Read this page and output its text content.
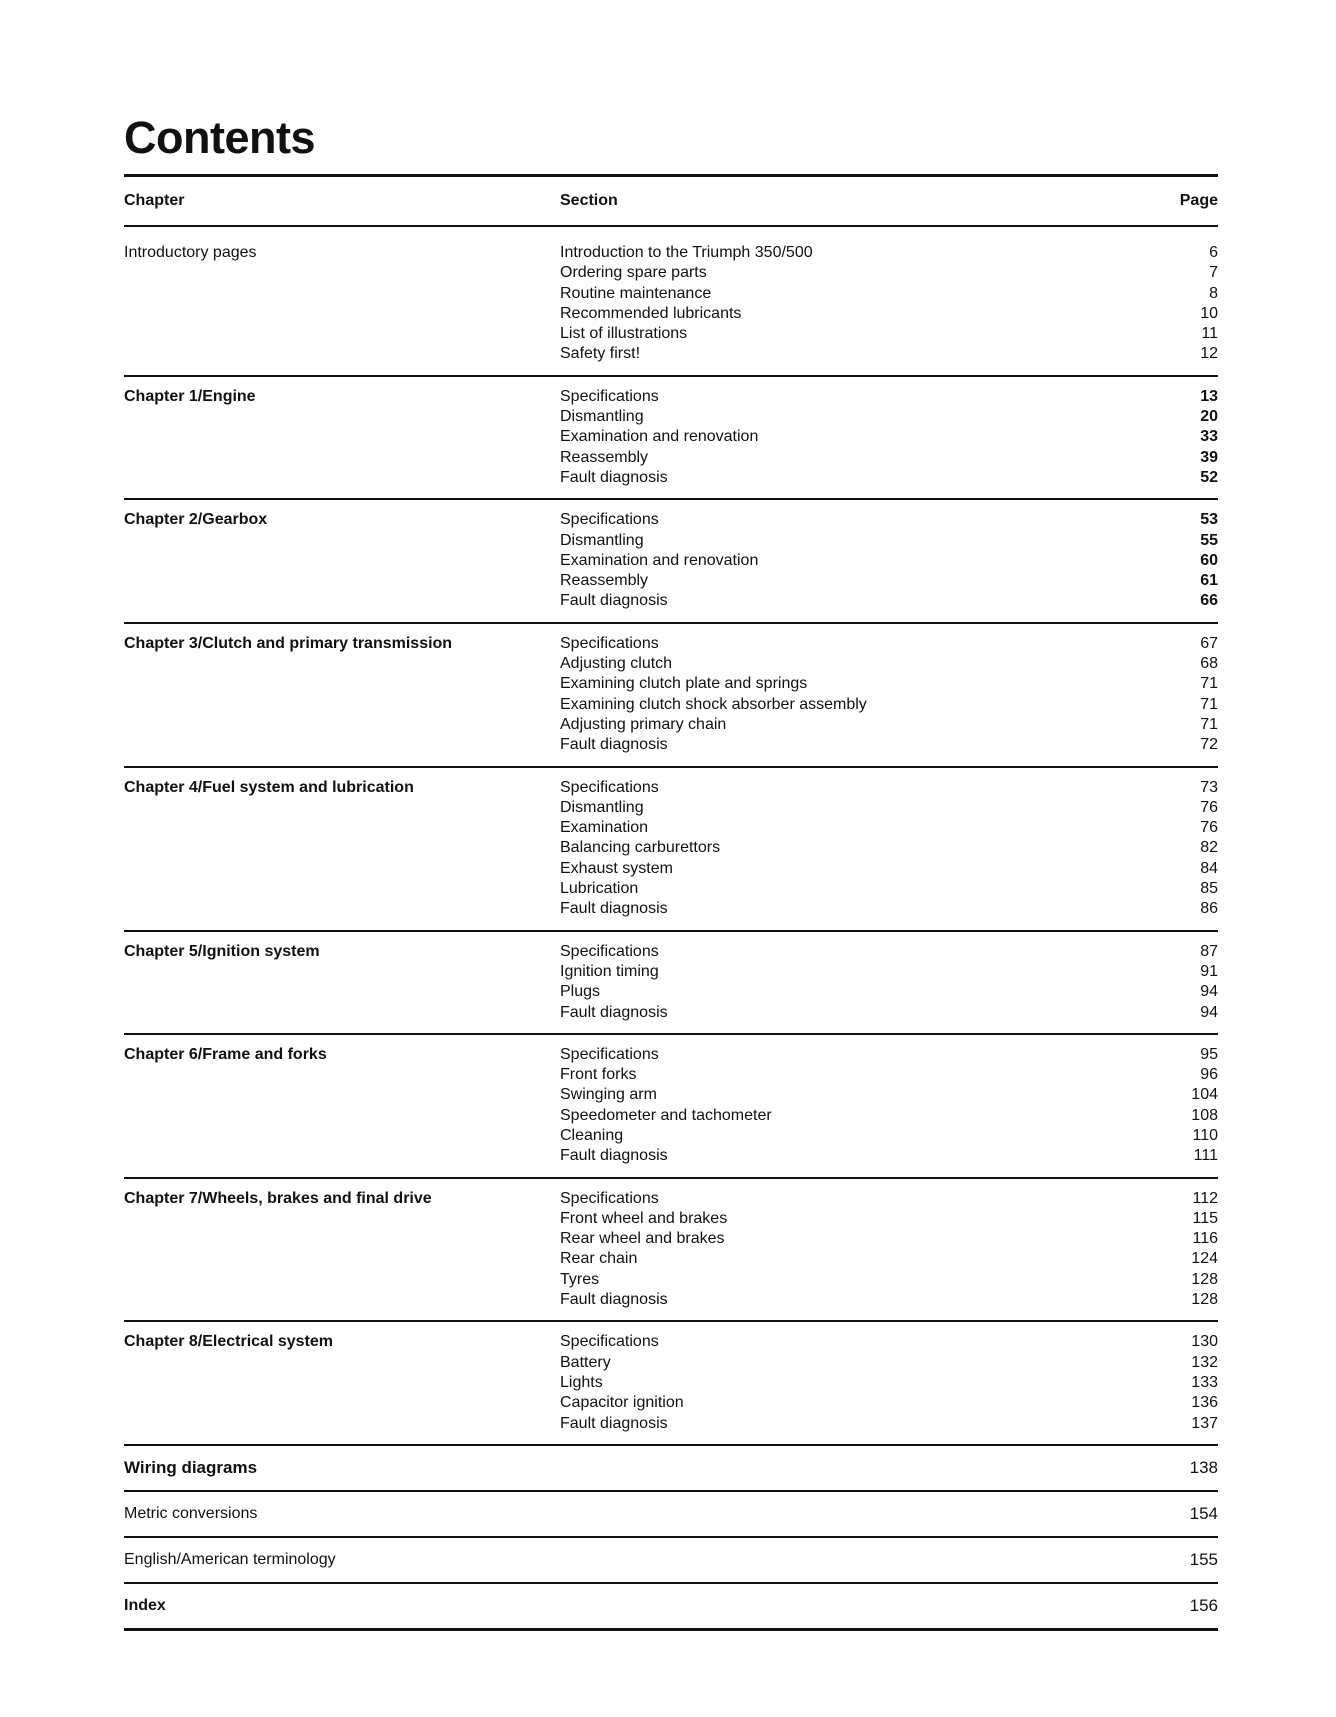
Contents
Chapter	Section	Page
Introductory pages	Introduction to the Triumph 350/500	6
Ordering spare parts	7
Routine maintenance	8
Recommended lubricants	10
List of illustrations	11
Safety first!	12
Chapter 1/Engine	Specifications	13
Dismantling	20
Examination and renovation	33
Reassembly	39
Fault diagnosis	52
Chapter 2/Gearbox	Specifications	53
Dismantling	55
Examination and renovation	60
Reassembly	61
Fault diagnosis	66
Chapter 3/Clutch and primary transmission	Specifications	67
Adjusting clutch	68
Examining clutch plate and springs	71
Examining clutch shock absorber assembly	71
Adjusting primary chain	71
Fault diagnosis	72
Chapter 4/Fuel system and lubrication	Specifications	73
Dismantling	76
Examination	76
Balancing carburettors	82
Exhaust system	84
Lubrication	85
Fault diagnosis	86
Chapter 5/Ignition system	Specifications	87
Ignition timing	91
Plugs	94
Fault diagnosis	94
Chapter 6/Frame and forks	Specifications	95
Front forks	96
Swinging arm	104
Speedometer and tachometer	108
Cleaning	110
Fault diagnosis	111
Chapter 7/Wheels, brakes and final drive	Specifications	112
Front wheel and brakes	115
Rear wheel and brakes	116
Rear chain	124
Tyres	128
Fault diagnosis	128
Chapter 8/Electrical system	Specifications	130
Battery	132
Lights	133
Capacitor ignition	136
Fault diagnosis	137
Wiring diagrams	138
Metric conversions	154
English/American terminology	155
Index	156
